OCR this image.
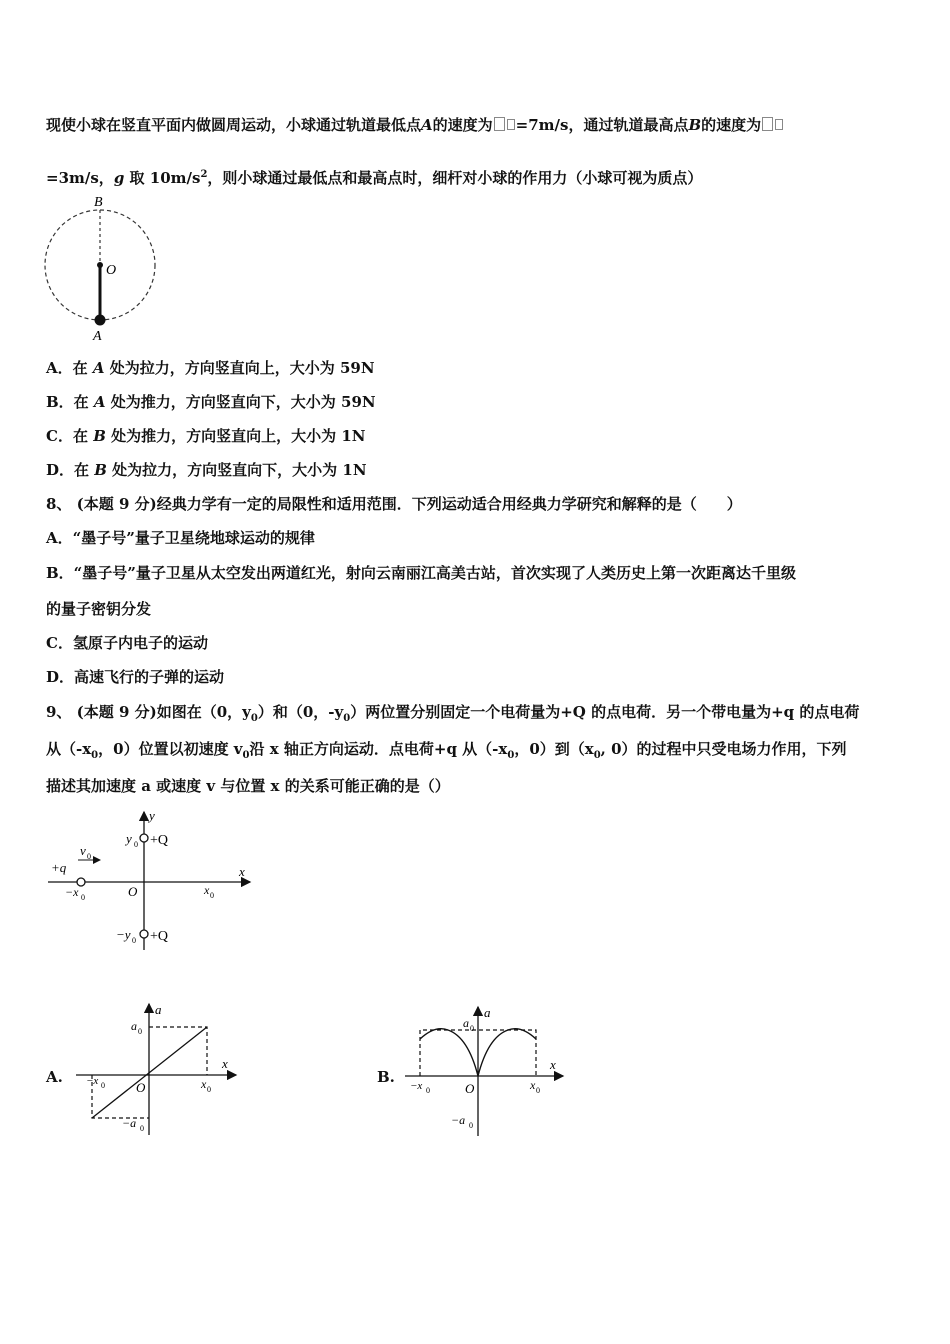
现使小球在竖直平面内做圆周运动，小球通过轨道最低点A的速度为 =7m/s，通过轨道最高点B的速度为
=3m/s，g 取 $10m/s^2$，则小球通过最低点和最高点时，细杆对小球的作用力（小球可视为质点）
B
O
A
A．在 A 处为拉力，方向竖直向上，大小为 59N
B．在 A 处为推力，方向竖直向下，大小为 59N
C．在 B 处为推力，方向竖直向上，大小为 1N
D．在 B 处为拉力，方向竖直向下，大小为 1N
8、 (本题 9 分)经典力学有一定的局限性和适用范围．下列运动适合用经典力学研究和解释的是（　　）
A．“墨子号”量子卫星绕地球运动的规律
B．“墨子号”量子卫星从太空发出两道红光，射向云南丽江高美古站，首次实现了人类历史上第一次距离达千里级
的量子密钥分发
C．氢原子内电子的运动
D．高速飞行的子弹的运动
9、 (本题 9 分)如图在（0，$y_0$）和（0，$-y_0$）两位置分别固定一个电荷量为+Q 的点电荷．另一个带电量为+q 的点电荷
从（$-x_0$，0）位置以初速度 $v_0$沿 x 轴正方向运动．点电荷+q 从（$-x_0$，0）到（$x_0$, 0）的过程中只受电场力作用，下列
描述其加速度 a 或速度 v 与位置 x 的关系可能正确的是（）
y
x
O
y 0 +Q
−y 0 +Q
+q
v 0
−x 0
x 0
A.
a
x
O
a 0
−a 0
−x 0	x 0
B.
a
x
O
a 0
−a 0
−x 0	x 0
